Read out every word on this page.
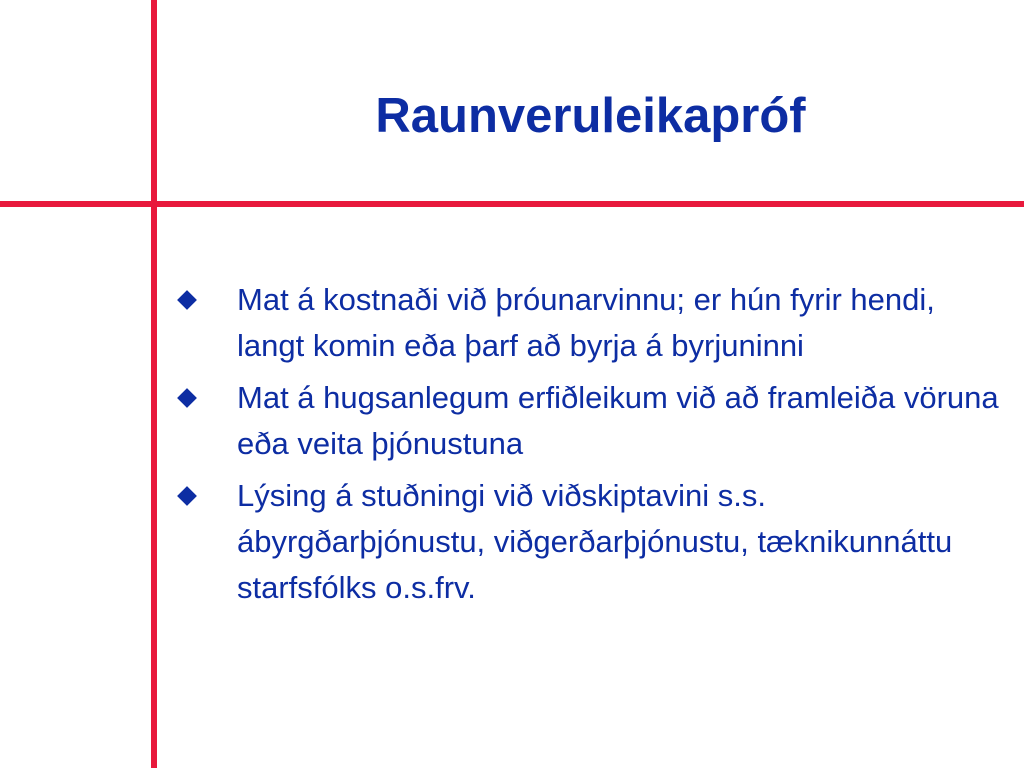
Raunveruleikapróf
Mat á kostnaði við þróunarvinnu; er hún fyrir hendi, langt komin eða þarf að byrja á byrjuninni
Mat á hugsanlegum erfiðleikum við að framleiða vöruna eða veita þjónustuna
Lýsing á stuðningi við viðskiptavini s.s. ábyrgðarþjónustu, viðgerðarþjónustu, tæknikunnáttu starfsfólks o.s.frv.
